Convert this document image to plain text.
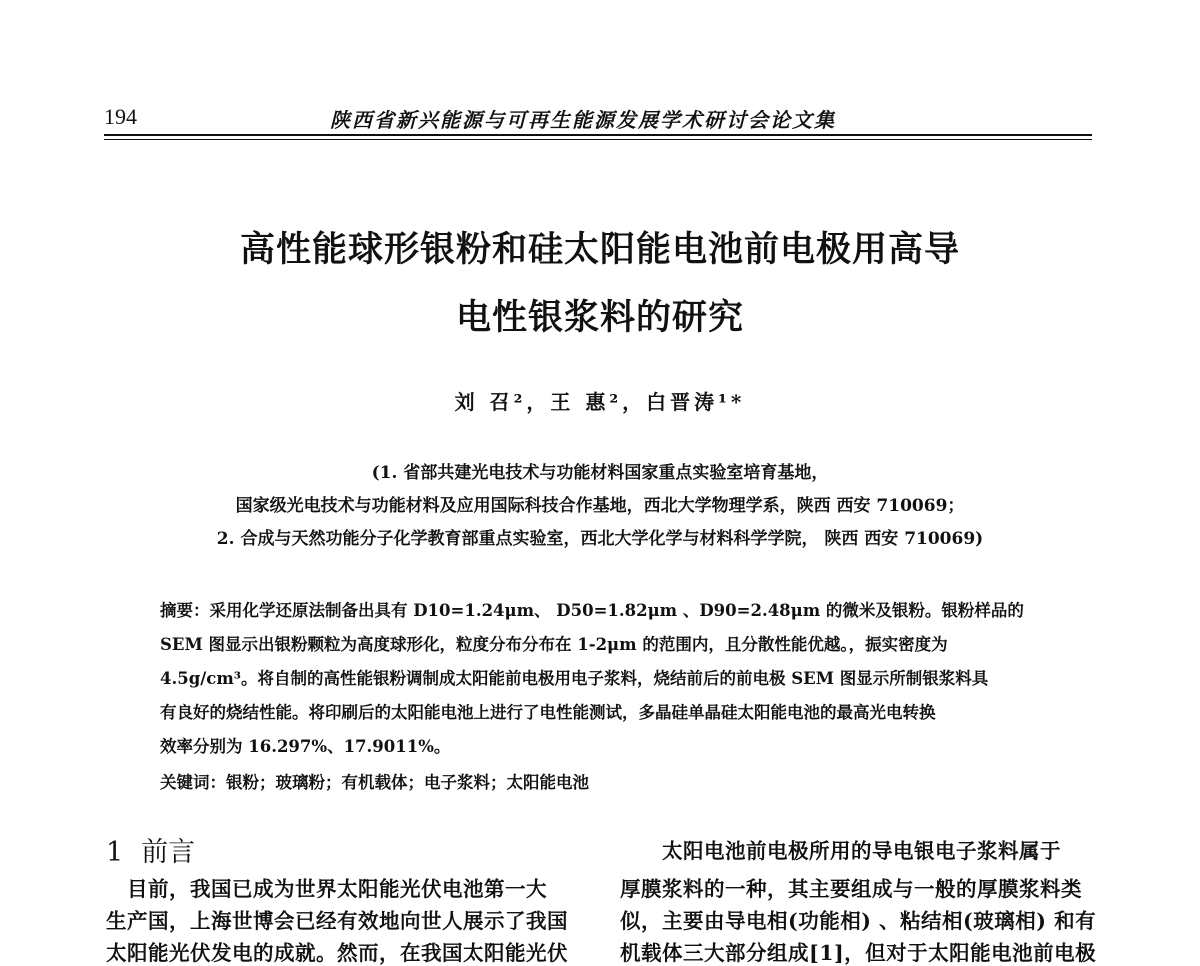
194	陕西省新兴能源与可再生能源发展学术研讨会论文集
高性能球形银粉和硅太阳能电池前电极用高导
电性银浆料的研究
刘 召²，王 惠²，白晋涛¹*
(1. 省部共建光电技术与功能材料国家重点实验室培育基地，
国家级光电技术与功能材料及应用国际科技合作基地，西北大学物理学系，陕西 西安 710069；
2. 合成与天然功能分子化学教育部重点实验室，西北大学化学与材料科学学院， 陕西 西安 710069)
摘要：采用化学还原法制备出具有 D10=1.24μm、 D50=1.82μm 、D90=2.48μm 的微米及银粉。银粉样品的
SEM 图显示出银粉颗粒为高度球形化，粒度分布分布在 1-2μm 的范围内，且分散性能优越。，振实密度为
4.5g/cm³。将自制的高性能银粉调制成太阳能前电极用电子浆料，烧结前后的前电极 SEM 图显示所制银浆料具
有良好的烧结性能。将印刷后的太阳能电池上进行了电性能测试，多晶硅单晶硅太阳能电池的最高光电转换
效率分别为 16.297%、17.9011%。
关键词：银粉；玻璃粉；有机载体；电子浆料；太阳能电池
1 前言
　目前，我国已成为世界太阳能光伏电池第一大
生产国，上海世博会已经有效地向世人展示了我国
太阳能光伏发电的成就。然而，在我国太阳能光伏
　　太阳电池前电极所用的导电银电子浆料属于
厚膜浆料的一种，其主要组成与一般的厚膜浆料类
似，主要由导电相(功能相) 、粘结相(玻璃相) 和有
机载体三大部分组成[1]，但对于太阳能电池前电极
